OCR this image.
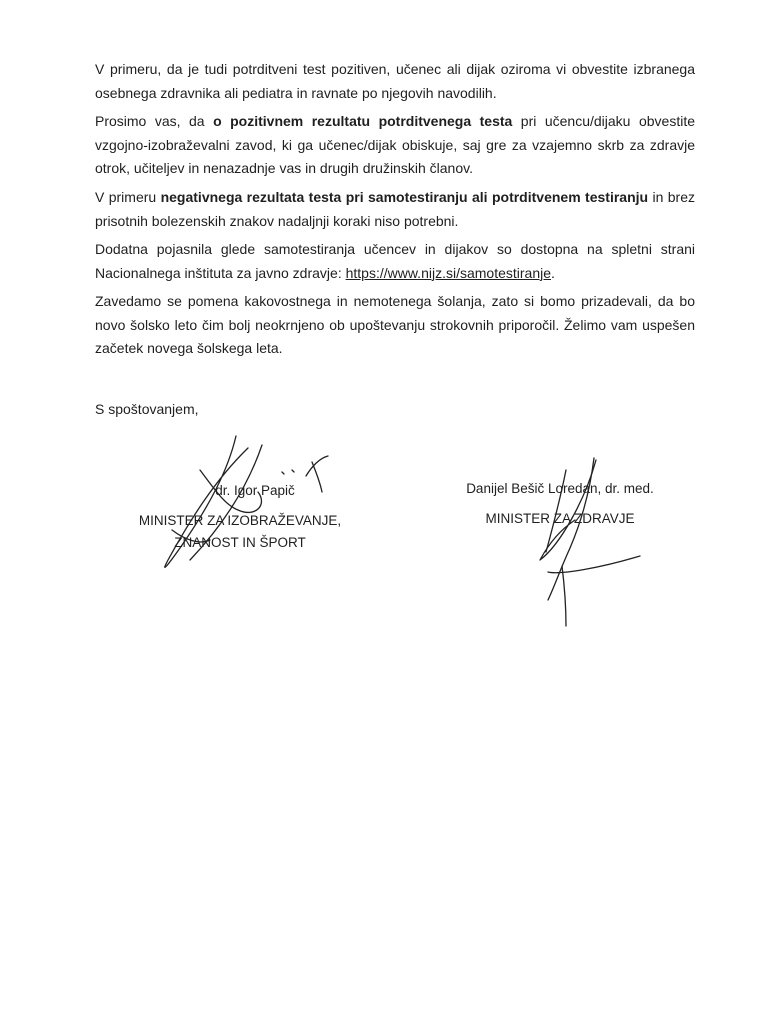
V primeru, da je tudi potrditveni test pozitiven, učenec ali dijak oziroma vi obvestite izbranega osebnega zdravnika ali pediatra in ravnate po njegovih navodilih.

Prosimo vas, da o pozitivnem rezultatu potrditvenega testa pri učencu/dijaku obvestite vzgojno-izobraževalni zavod, ki ga učenec/dijak obiskuje, saj gre za vzajemno skrb za zdravje otrok, učiteljev in nenazadnje vas in drugih družinskih članov.

V primeru negativnega rezultata testa pri samotestiranju ali potrditvenem testiranju in brez prisotnih bolezenskih znakov nadaljnji koraki niso potrebni.

Dodatna pojasnila glede samotestiranja učencev in dijakov so dostopna na spletni strani Nacionalnega inštituta za javno zdravje: https://www.nijz.si/samotestiranje.

Zavedamo se pomena kakovostnega in nemotenega šolanja, zato si bomo prizadevali, da bo novo šolsko leto čim bolj neokrnjeno ob upoštevanju strokovnih priporočil. Želimo vam uspešen začetek novega šolskega leta.

S spoštovanjem,
dr. Igor Papič
MINISTER ZA IZOBRAŽEVANJE,
ZNANOST IN ŠPORT
Danijel Bešič Loredan, dr. med.
MINISTER ZA ZDRAVJE
